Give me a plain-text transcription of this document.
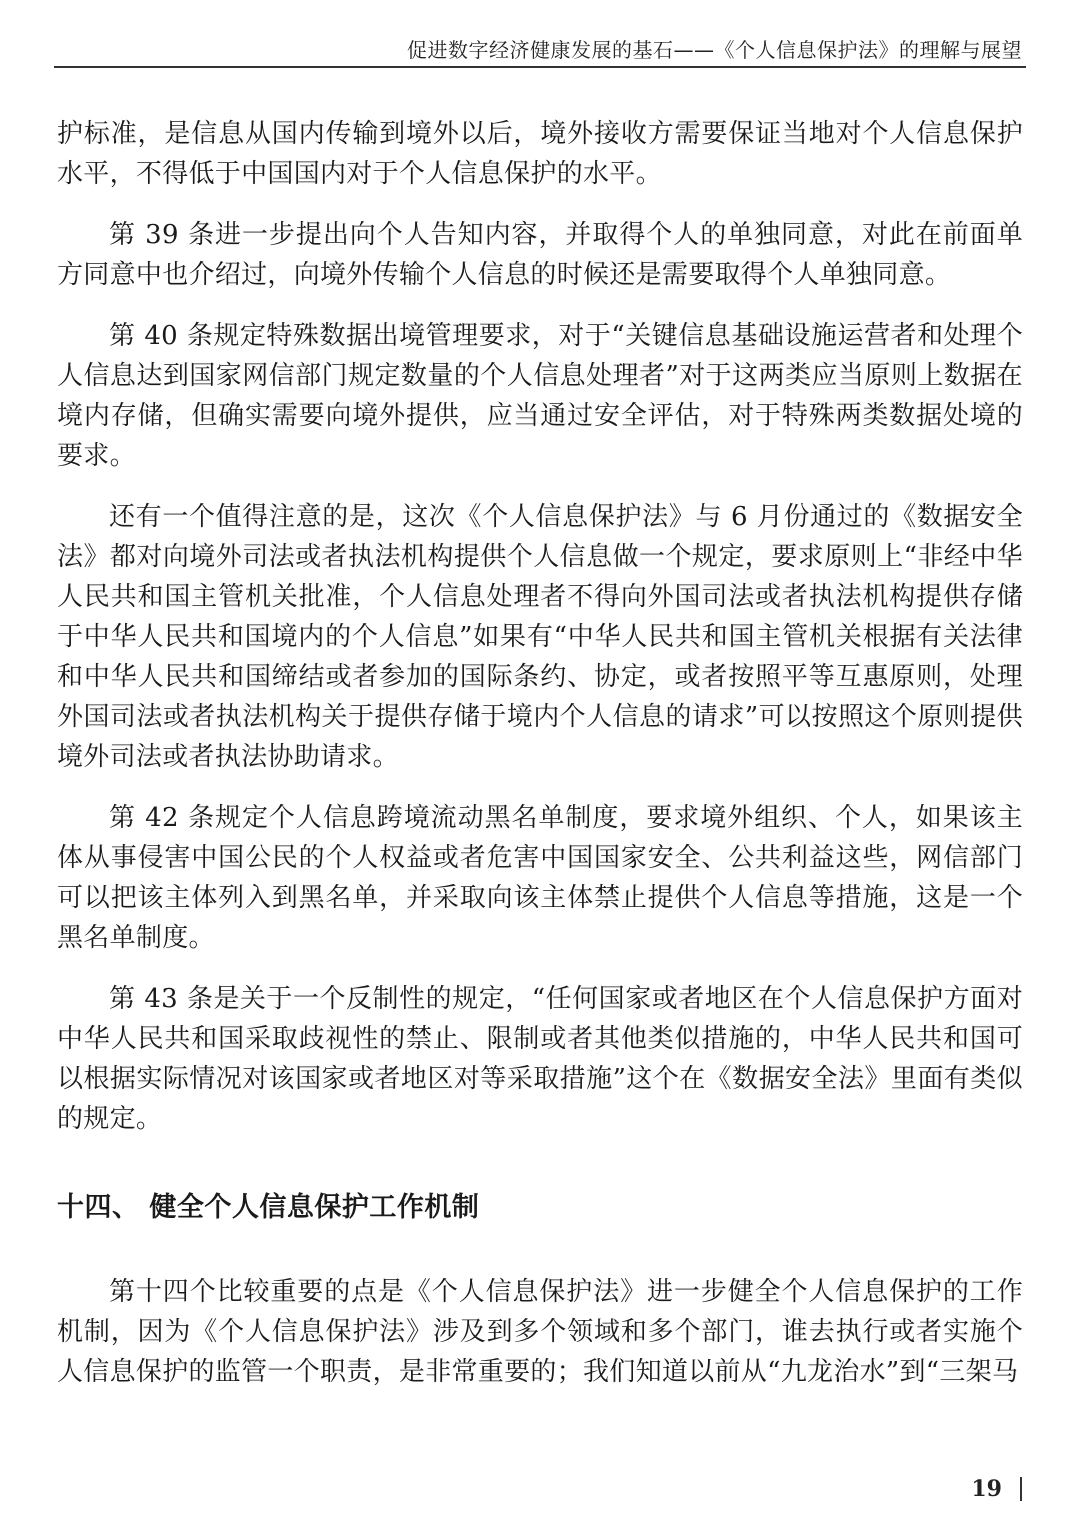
促进数字经济健康发展的基石——《个人信息保护法》的理解与展望

护标准，是信息从国内传输到境外以后，境外接收方需要保证当地对个人信息保护水平，不得低于中国国内对于个人信息保护的水平。

第 39 条进一步提出向个人告知内容，并取得个人的单独同意，对此在前面单方同意中也介绍过，向境外传输个人信息的时候还是需要取得个人单独同意。

第 40 条规定特殊数据出境管理要求，对于“关键信息基础设施运营者和处理个人信息达到国家网信部门规定数量的个人信息处理者”对于这两类应当原则上数据在境内存储，但确实需要向境外提供，应当通过安全评估，对于特殊两类数据处境的要求。

还有一个值得注意的是，这次《个人信息保护法》与 6 月份通过的《数据安全法》都对向境外司法或者执法机构提供个人信息做一个规定，要求原则上“非经中华人民共和国主管机关批准，个人信息处理者不得向外国司法或者执法机构提供存储于中华人民共和国境内的个人信息”如果有“中华人民共和国主管机关根据有关法律和中华人民共和国缔结或者参加的国际条约、协定，或者按照平等互惠原则，处理外国司法或者执法机构关于提供存储于境内个人信息的请求”可以按照这个原则提供境外司法或者执法协助请求。

第 42 条规定个人信息跨境流动黑名单制度，要求境外组织、个人，如果该主体从事侵害中国公民的个人权益或者危害中国国家安全、公共利益这些，网信部门可以把该主体列入到黑名单，并采取向该主体禁止提供个人信息等措施，这是一个黑名单制度。

第 43 条是关于一个反制性的规定，“任何国家或者地区在个人信息保护方面对中华人民共和国采取歧视性的禁止、限制或者其他类似措施的，中华人民共和国可以根据实际情况对该国家或者地区对等采取措施”这个在《数据安全法》里面有类似的规定。

十四、 健全个人信息保护工作机制

第十四个比较重要的点是《个人信息保护法》进一步健全个人信息保护的工作机制，因为《个人信息保护法》涉及到多个领域和多个部门，谁去执行或者实施个人信息保护的监管一个职责，是非常重要的；我们知道以前从“九龙治水”到“三架马

19
